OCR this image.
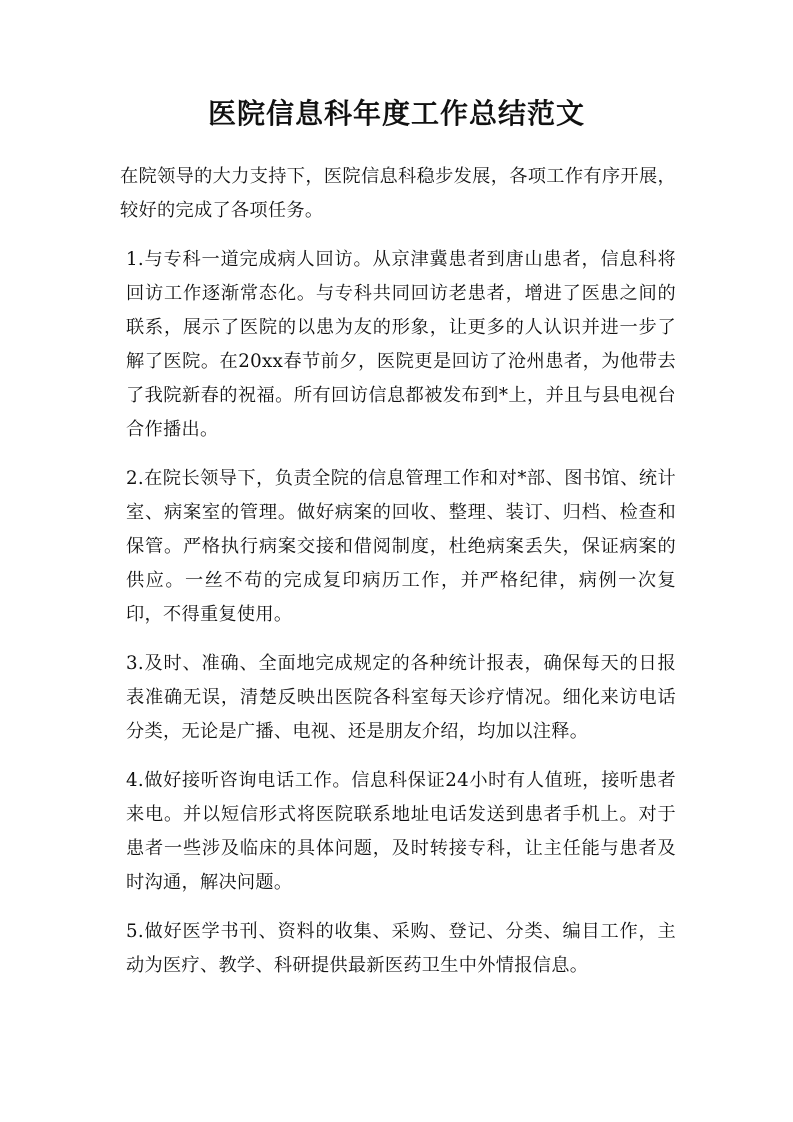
医院信息科年度工作总结范文

在院领导的大力支持下，医院信息科稳步发展，各项工作有序开展，较好的完成了各项任务。

1.与专科一道完成病人回访。从京津冀患者到唐山患者，信息科将回访工作逐渐常态化。与专科共同回访老患者，增进了医患之间的联系，展示了医院的以患为友的形象，让更多的人认识并进一步了解了医院。在20xx春节前夕，医院更是回访了沧州患者，为他带去了我院新春的祝福。所有回访信息都被发布到*上，并且与县电视台合作播出。

2.在院长领导下，负责全院的信息管理工作和对*部、图书馆、统计室、病案室的管理。做好病案的回收、整理、装订、归档、检查和保管。严格执行病案交接和借阅制度，杜绝病案丢失，保证病案的供应。一丝不苟的完成复印病历工作，并严格纪律，病例一次复印，不得重复使用。

3.及时、准确、全面地完成规定的各种统计报表，确保每天的日报表准确无误，清楚反映出医院各科室每天诊疗情况。细化来访电话分类，无论是广播、电视、还是朋友介绍，均加以注释。

4.做好接听咨询电话工作。信息科保证24小时有人值班，接听患者来电。并以短信形式将医院联系地址电话发送到患者手机上。对于患者一些涉及临床的具体问题，及时转接专科，让主任能与患者及时沟通，解决问题。

5.做好医学书刊、资料的收集、采购、登记、分类、编目工作，主动为医疗、教学、科研提供最新医药卫生中外情报信息。
